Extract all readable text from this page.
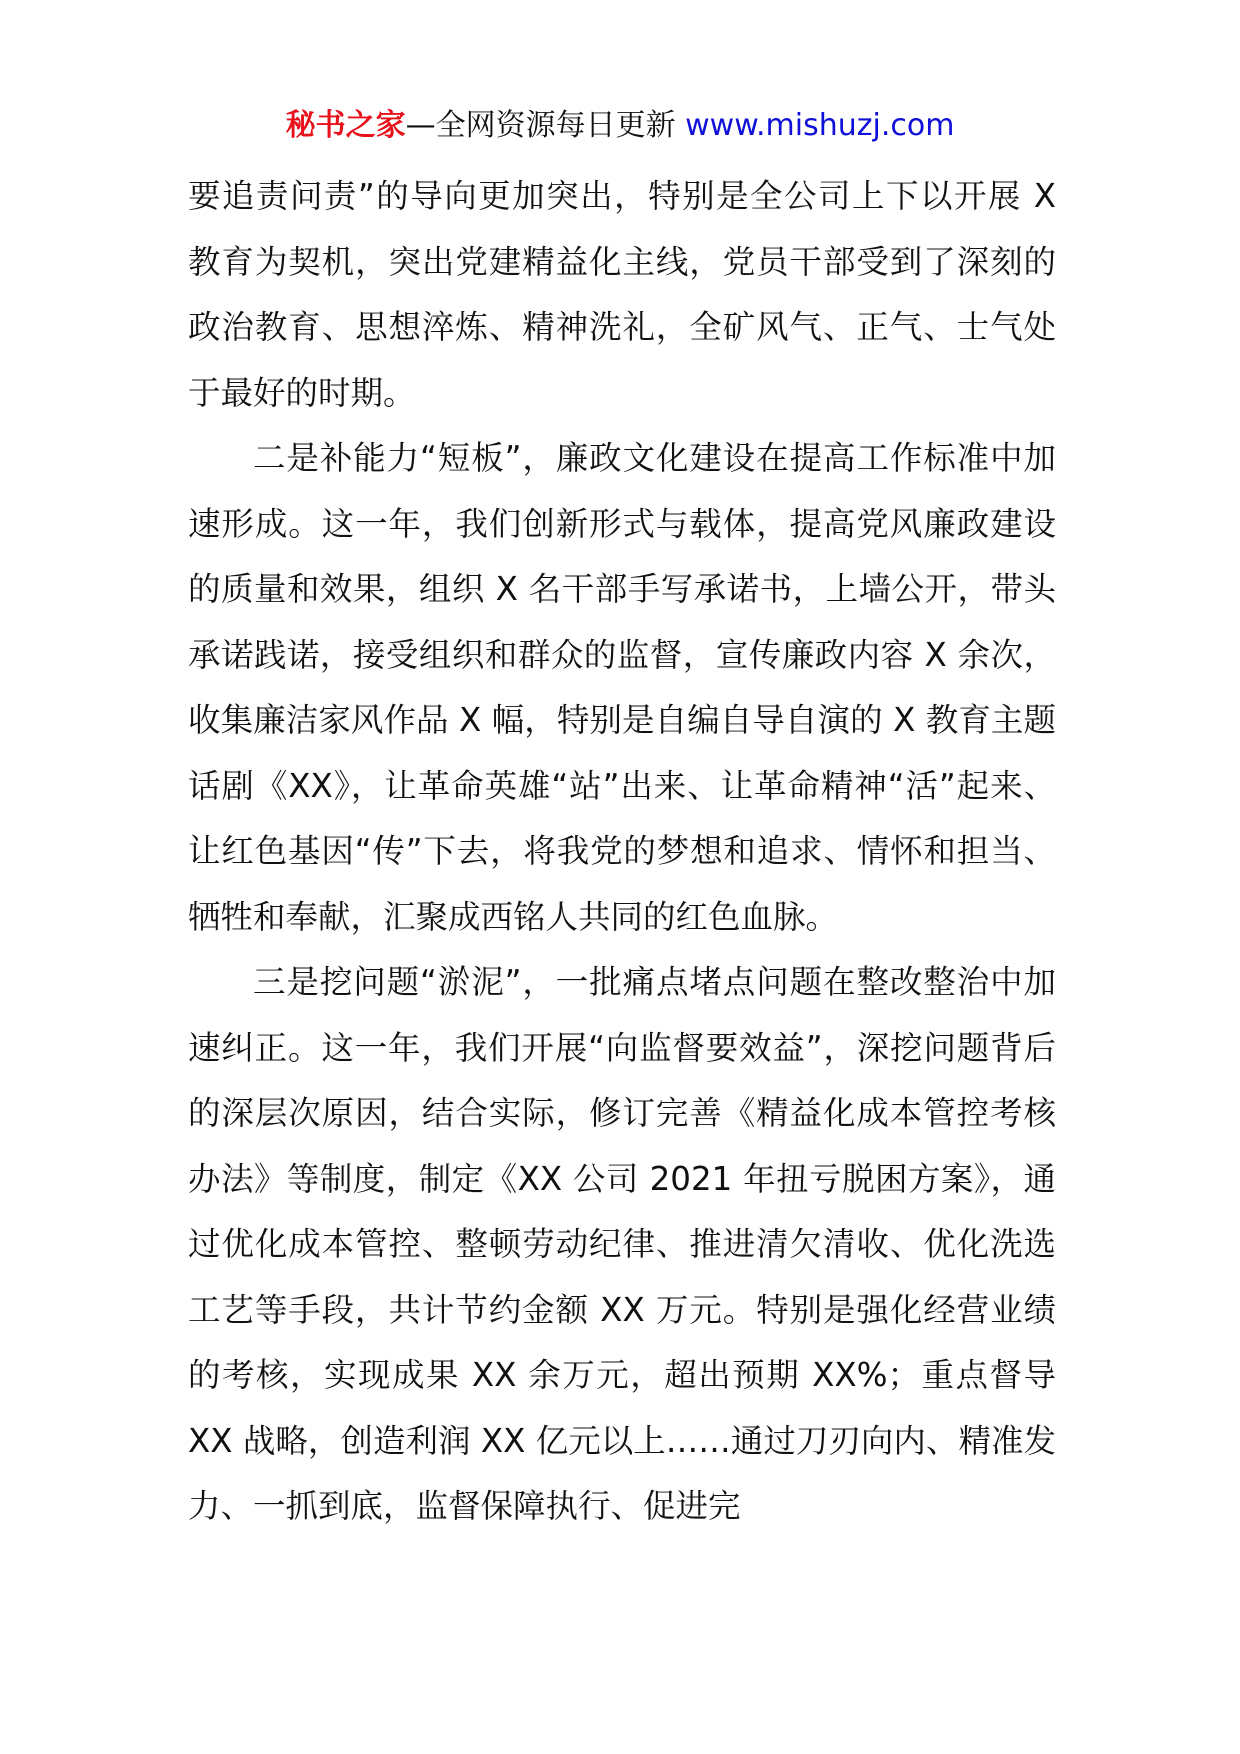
秘书之家—全网资源每日更新 www.mishuzj.com

要追责问责”的导向更加突出，特别是全公司上下以开展 X 教育为契机，突出党建精益化主线，党员干部受到了深刻的政治教育、思想淬炼、精神洗礼，全矿风气、正气、士气处于最好的时期。

二是补能力“短板”，廉政文化建设在提高工作标准中加速形成。这一年，我们创新形式与载体，提高党风廉政建设的质量和效果，组织 X 名干部手写承诺书，上墙公开，带头承诺践诺，接受组织和群众的监督，宣传廉政内容 X 余次，收集廉洁家风作品 X 幅，特别是自编自导自演的 X 教育主题话剧《XX》，让革命英雄“站”出来、让革命精神“活”起来、让红色基因“传”下去，将我党的梦想和追求、情怀和担当、牺牲和奉献，汇聚成西铭人共同的红色血脉。

三是挖问题“淤泥”，一批痛点堵点问题在整改整治中加速纠正。这一年，我们开展“向监督要效益”，深挖问题背后的深层次原因，结合实际，修订完善《精益化成本管控考核办法》等制度，制定《XX 公司 2021 年扭亏脱困方案》，通过优化成本管控、整顿劳动纪律、推进清欠清收、优化洗选工艺等手段，共计节约金额 XX 万元。特别是强化经营业绩的考核，实现成果 XX 余万元，超出预期 XX%；重点督导 XX 战略，创造利润 XX 亿元以上……通过刀刃向内、精准发力、一抓到底，监督保障执行、促进完
